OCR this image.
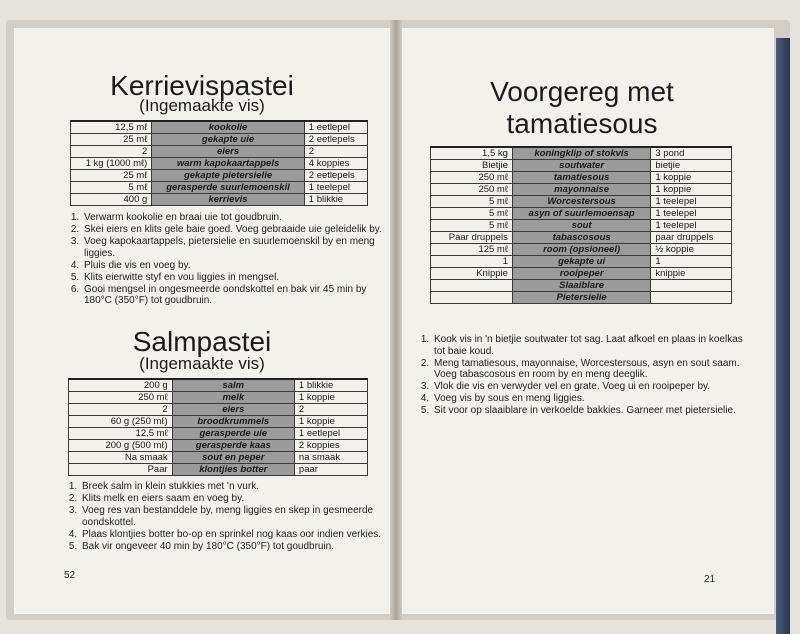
Kerrievispastei
(Ingemaakte vis)
12,5 mℓ	kookolie	1 eetlepel
25 mℓ	gekapte uie	2 eetlepels
2	eiers	2
1 kg (1000 mℓ)	warm kapokaartappels	4 koppies
25 mℓ	gekapte pietersielie	2 eetlepels
5 mℓ	gerasperde suurlemoenskil	1 teelepel
400 g	kerrievis	1 blikkie
1. Verwarm kookolie en braai uie tot goudbruin.
2. Skei eiers en klits gele baie goed. Voeg gebraaide uie geleidelik by.
3. Voeg kapokaartappels, pietersielie en suurlemoenskil by en meng liggies.
4. Pluis die vis en voeg by.
5. Klits eierwitte styf en vou liggies in mengsel.
6. Gooi mengsel in ongesmeerde oondskottel en bak vir 45 min by 180°C (350°F) tot goudbruin.
Salmpastei
(Ingemaakte vis)
200 g	salm	1 blikkie
250 mℓ	melk	1 koppie
2	eiers	2
60 g (250 mℓ)	broodkrummels	1 koppie
12,5 mℓ	gerasperde uie	1 eetlepel
200 g (500 mℓ)	gerasperde kaas	2 koppies
Na smaak	sout en peper	na smaak
Paar	klontjies botter	paar
1. Breek salm in klein stukkies met 'n vurk.
2. Klits melk en eiers saam en voeg by.
3. Voeg res van bestanddele by, meng liggies en skep in gesmeerde oondskottel.
4. Plaas klontjies botter bo-op en sprinkel nog kaas oor indien verkies.
5. Bak vir ongeveer 40 min by 180°C (350°F) tot goudbruin.
52
Voorgereg met
tamatiesous
1,5 kg	koningklip of stokvis	3 pond
Bietjie	soutwater	bietjie
250 mℓ	tamatiesous	1 koppie
250 mℓ	mayonnaise	1 koppie
5 mℓ	Worcestersous	1 teelepel
5 mℓ	asyn of suurlemoensap	1 teelepel
5 mℓ	sout	1 teelepel
Paar druppels	tabascosous	paar druppels
125 mℓ	room (opsioneel)	½ koppie
1	gekapte ui	1
Knippie	rooipeper	knippie
	Slaaiblare	
	Pietersielie	
1. Kook vis in 'n bietjie soutwater tot sag. Laat afkoel en plaas in koelkas tot baie koud.
2. Meng tamatiesous, mayonnaise, Worcestersous, asyn en sout saam. Voeg tabascosous en room by en meng deeglik.
3. Vlok die vis en verwyder vel en grate. Voeg ui en rooipeper by.
4. Voeg vis by sous en meng liggies.
5. Sit voor op slaaiblare in verkoelde bakkies. Garneer met pietersielie.
21
